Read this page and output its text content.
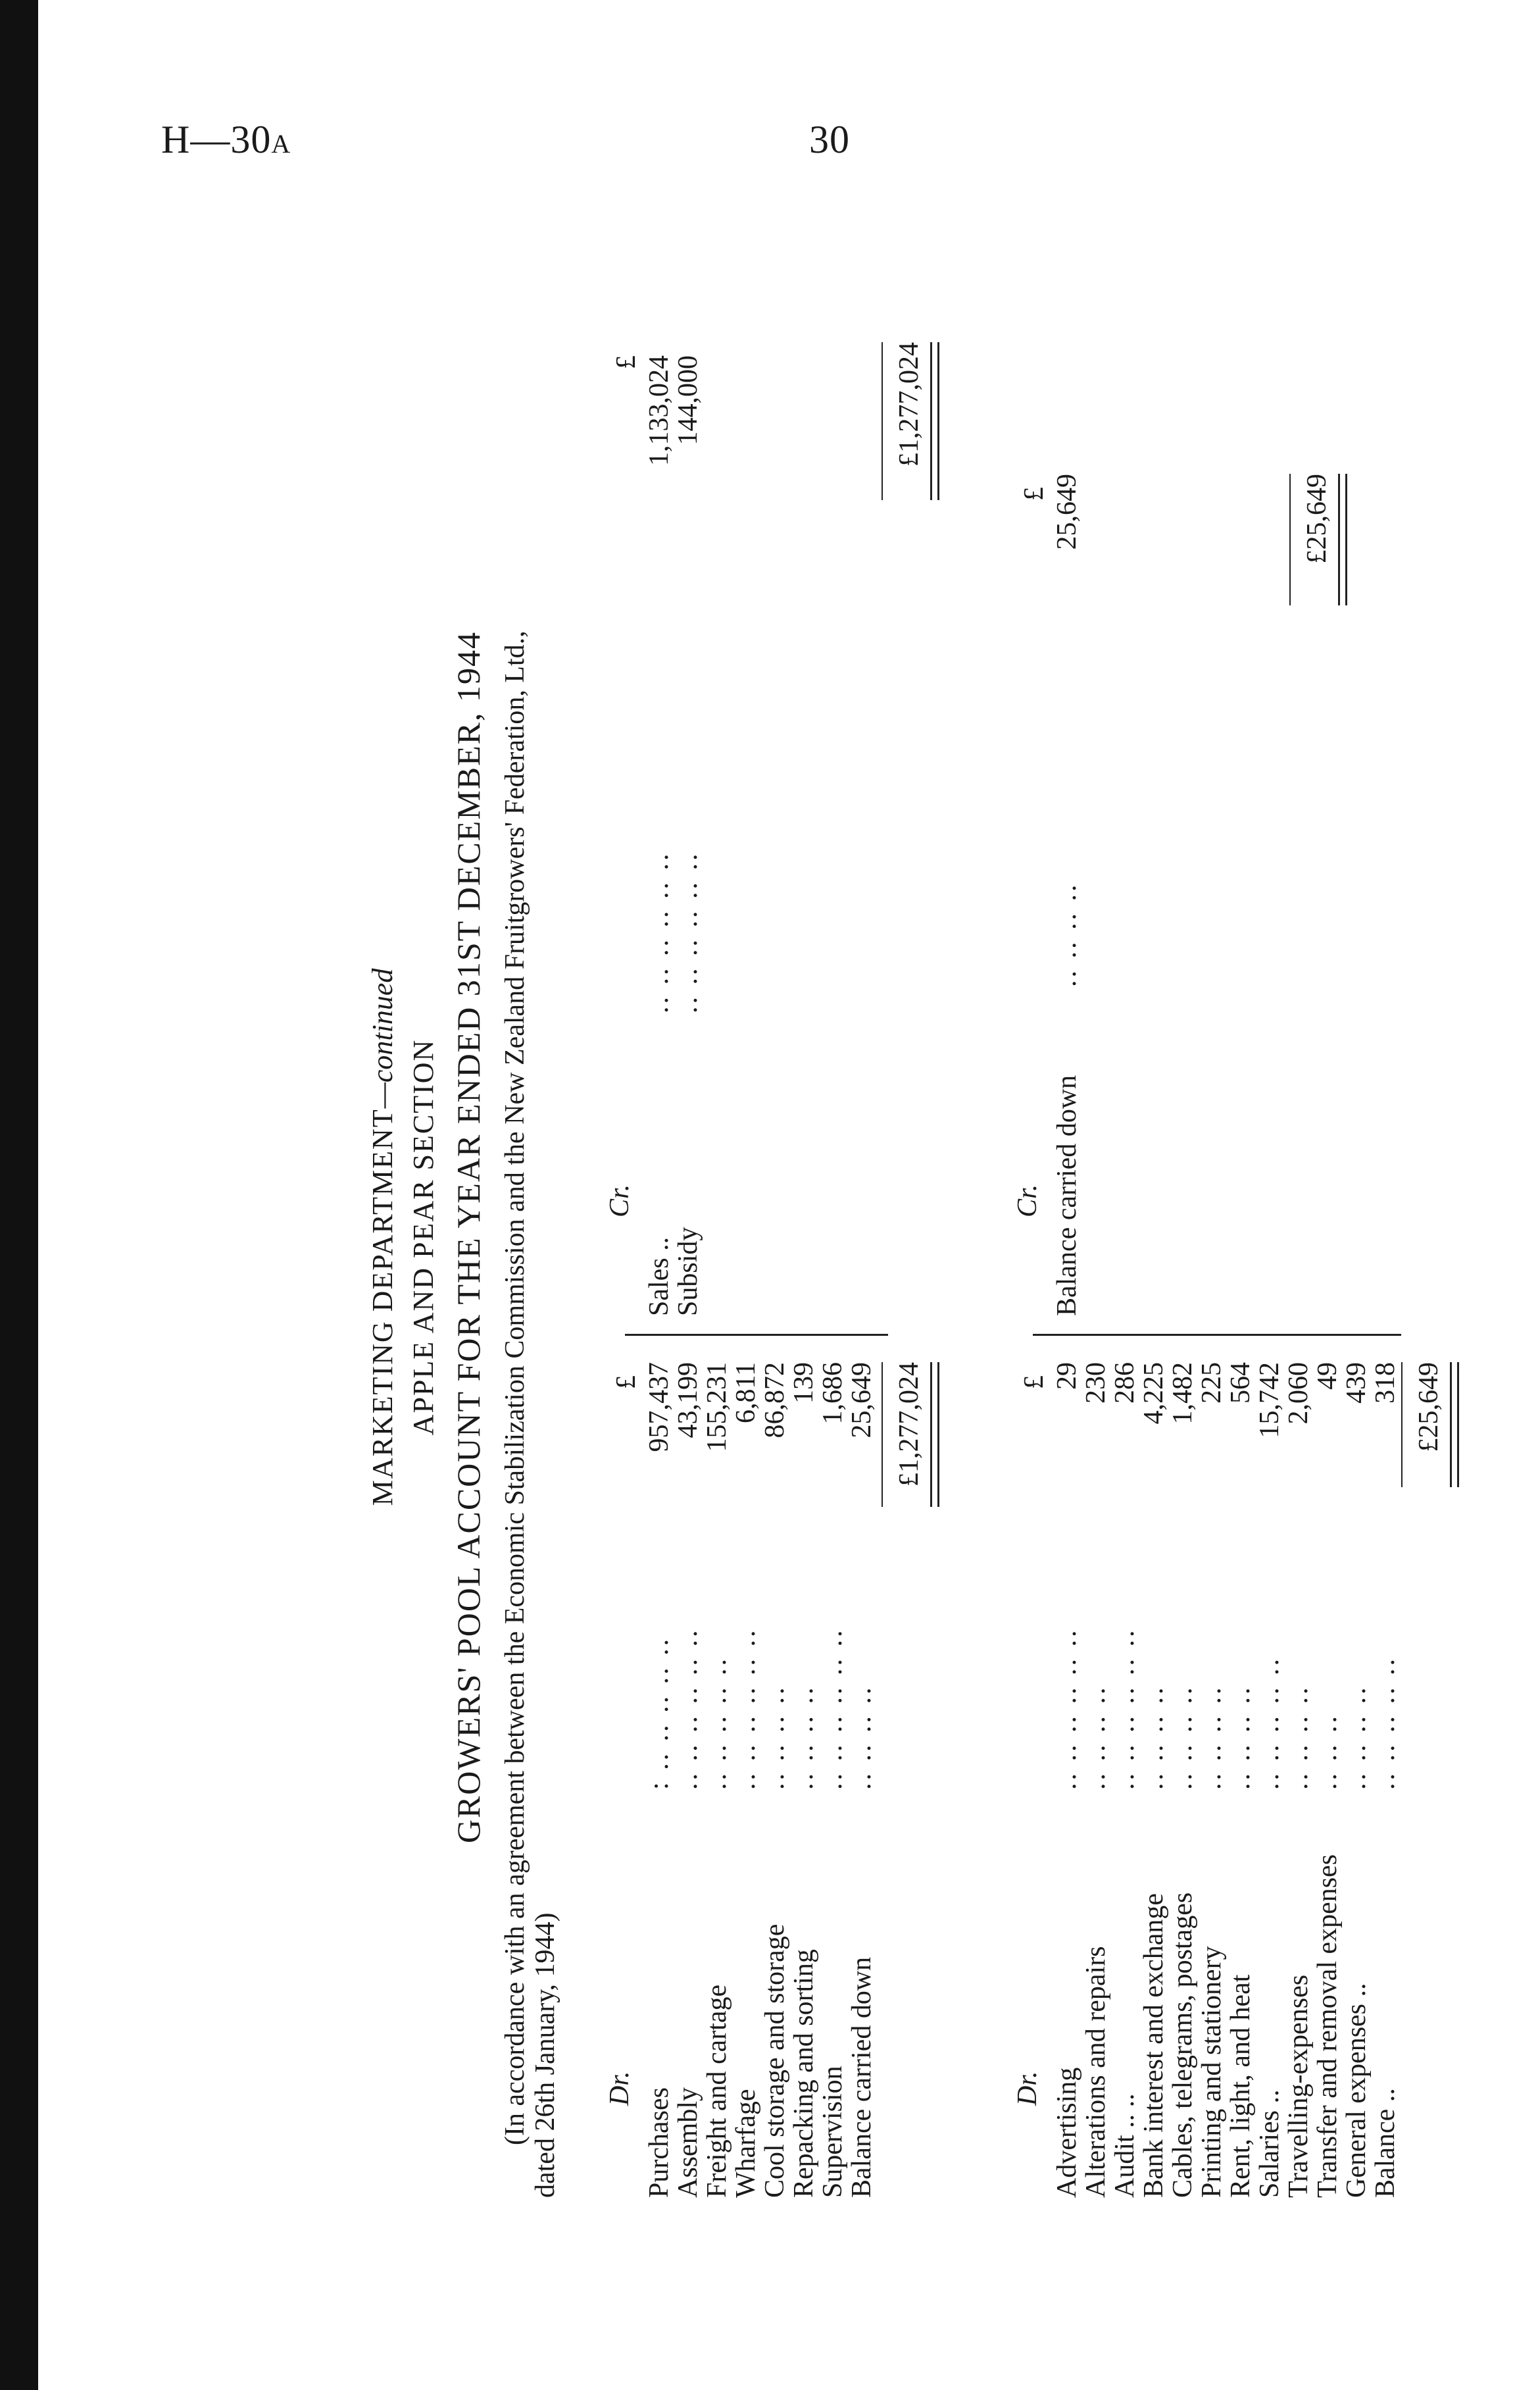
H—30A	30
MARKETING DEPARTMENT—continued
APPLE AND PEAR SECTION GROWERS' POOL ACCOUNT FOR THE YEAR ENDED 31ST DECEMBER, 1944 (In accordance with an agreement between the Economic Stabilization Commission and the New Zealand Fruitgrowers' Federation, Ltd., dated 26th January, 1944) Dr.
£
Cr.
£
Purchases
: .. .. .. .. ..
957,437
Assembly
.. .. .. .. .. ..
43,199
Freight and cartage
.. .. .. .. ..
155,231
Wharfage
.. .. .. .. .. ..
6,811
Cool storage and storage
.. .. .. ..
86,872
Repacking and sorting
.. .. .. ..
139
Supervision
.. .. .. .. .. ..
1,686
Balance carried down
.. .. .. ..
25,649
Sales ..
.. .. .. .. .. ..
1,133,024
Subsidy
.. .. .. .. .. ..
144,000
£1,277,024
£1,277,024
Dr.
£
Cr.
£
Advertising
.. .. .. .. .. ..
29
Alterations and repairs
.. .. .. ..
230
Audit .. ..
.. .. .. .. .. ..
286
Bank interest and exchange
.. .. .. ..
4,225
Cables, telegrams, postages
.. .. .. ..
1,482
Printing and stationery
.. .. .. ..
225
Rent, light, and heat
.. .. .. ..
564
Salaries ..
.. .. .. .. ..
15,742
Travelling-expenses
.. .. .. ..
2,060
Transfer and removal expenses
.. .. ..
49
General expenses ..
.. .. .. ..
439
Balance ..
.. .. .. .. ..
318
Balance carried down
.. .. .. ..
25,649
£25,649
£25,649
